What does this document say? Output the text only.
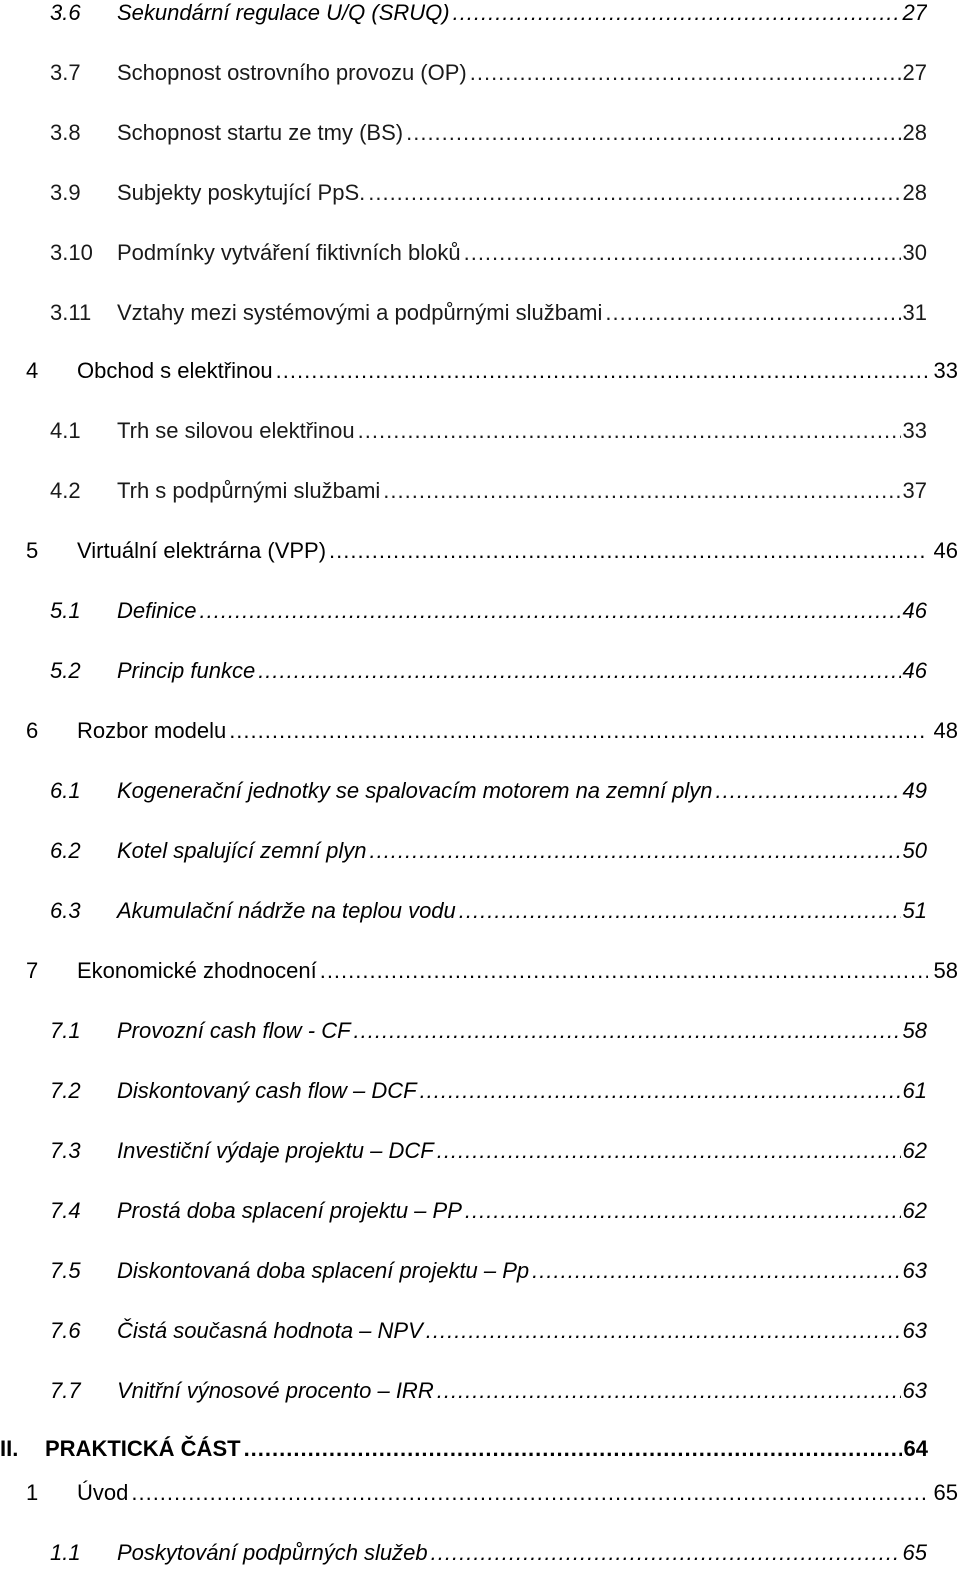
3.6	Sekundární regulace U/Q (SRUQ) .....	27
3.7	Schopnost ostrovního provozu (OP) .....	27
3.8	Schopnost startu ze tmy (BS) .....	28
3.9	Subjekty poskytující PpS. .....	28
3.10	Podmínky vytváření fiktivních bloků .....	30
3.11	Vztahy mezi systémovými a podpůrnými službami .....	31
4	Obchod s elektřinou .....	33
4.1	Trh se silovou elektřinou .....	33
4.2	Trh s podpůrnými službami .....	37
5	Virtuální elektrárna (VPP) .....	46
5.1	Definice .....	46
5.2	Princip funkce .....	46
6	Rozbor modelu .....	48
6.1	Kogenerační jednotky se spalovacím motorem na zemní plyn .....	49
6.2	Kotel spalující zemní plyn .....	50
6.3	Akumulační nádrže na teplou vodu .....	51
7	Ekonomické zhodnocení .....	58
7.1	Provozní cash flow - CF .....	58
7.2	Diskontovaný cash flow – DCF .....	61
7.3	Investiční výdaje projektu – DCF .....	62
7.4	Prostá doba splacení projektu – PP .....	62
7.5	Diskontovaná doba splacení projektu – Pp .....	63
7.6	Čistá současná hodnota – NPV .....	63
7.7	Vnitřní výnosové procento – IRR .....	63
II.	PRAKTICKÁ ČÁST .....	64
1	Úvod .....	65
1.1	Poskytování podpůrných služeb .....	65
